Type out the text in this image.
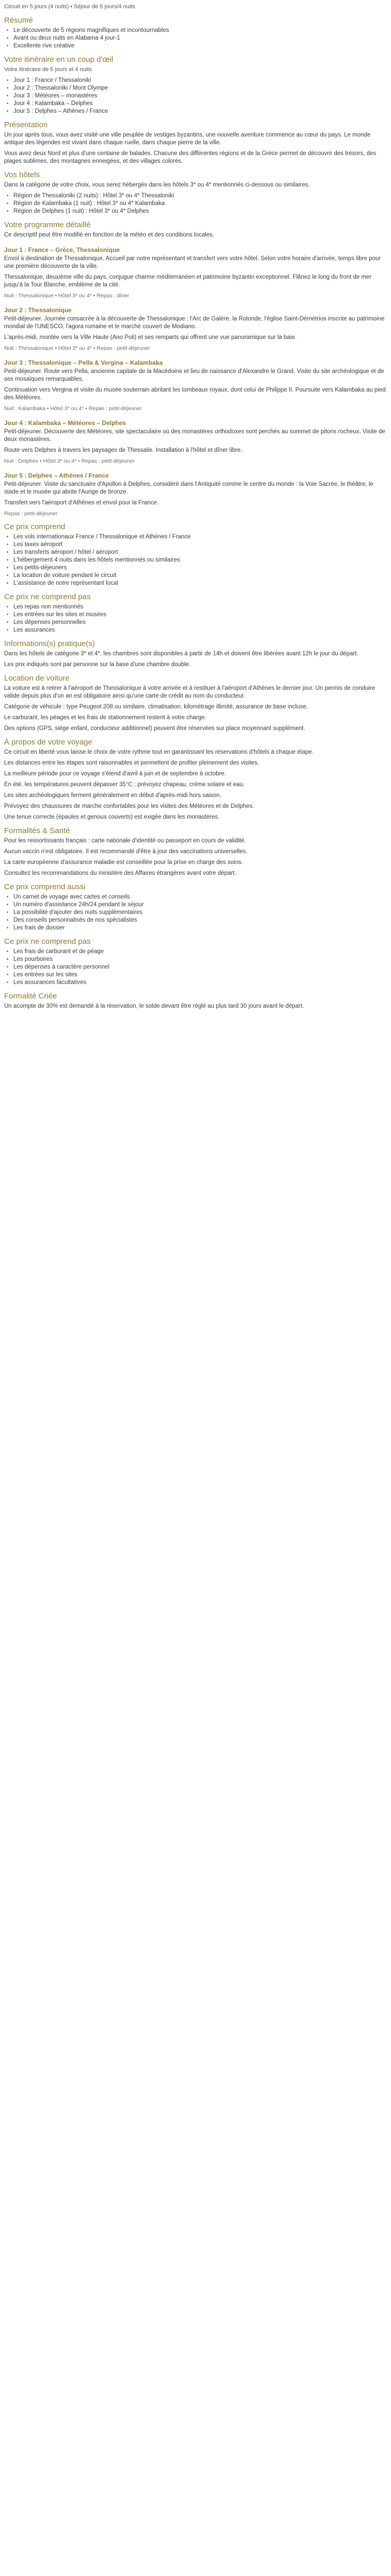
Circuit en 5 jours (4 nuits) • Séjour de 5 jours/4 nuits

Résumé
• Le découverte de 5 régions magnifiques et incontournables
• Avant ou deux nuits en Alabama 4 jour-1
• Excellente rive créative
Votre itinéraire en un coup d'œil

Votre itinéraire de 5 jours et 4 nuits

• Jour 1 : France / Thessaloniki
• Jour 2 : Thessaloniki / Mont Olympe
• Jour 3 : Météores – monastères
• Jour 4 : Kalambaka – Delphes
• Jour 5 : Delphes – Athènes / France
Présentation

Un jour après tous, vous avez visité une ville peuplée de vestiges byzantins, une nouvelle aventure commence au cœur du pays. Le monde antique des légendes est vivant dans chaque ruelle, dans chaque pierre de la ville.

Vous avez deux Nord et plus d'une centaine de balades. Chacune des différentes régions et de la Grèce permet de découvrir des trésors, des plages sublimes, des montagnes enneigées, et des villages colorés.

Vos hôtels

Dans la catégorie de votre choix, vous serez hébergés dans les hôtels 3* ou 4* mentionnés ci-dessous ou similaires.

• Région de Thessaloniki (2 nuits) : Hôtel 3* ou 4* Thessaloniki
• Région de Kalambaka (1 nuit) : Hôtel 3* ou 4* Kalambaka
• Région de Delphes (1 nuit) : Hôtel 3* ou 4* Delphes
Votre programme détaillé

Ce descriptif peut être modifié en fonction de la météo et des conditions locales.

Jour 1 : France – Grèce, Thessalonique

Envol à destination de Thessalonique. Accueil par notre représentant et transfert vers votre hôtel. Selon votre horaire d'arrivée, temps libre pour une première découverte de la ville.

Thessalonique, deuxième ville du pays, conjugue charme méditerranéen et patrimoine byzantin exceptionnel. Flânez le long du front de mer jusqu'à la Tour Blanche, emblème de la cité.

Nuit : Thessalonique • Hôtel 3* ou 4* • Repas : dîner
Jour 2 : Thessalonique

Petit-déjeuner. Journée consacrée à la découverte de Thessalonique : l'Arc de Galère, la Rotonde, l'église Saint-Démétrios inscrite au patrimoine mondial de l'UNESCO, l'agora romaine et le marché couvert de Modiano.

L'après-midi, montée vers la Ville Haute (Ano Poli) et ses remparts qui offrent une vue panoramique sur la baie.

Nuit : Thessalonique • Hôtel 3* ou 4* • Repas : petit-déjeuner
Jour 3 : Thessalonique – Pella & Vergina – Kalambaka

Petit-déjeuner. Route vers Pella, ancienne capitale de la Macédoine et lieu de naissance d'Alexandre le Grand. Visite du site archéologique et de ses mosaïques remarquables.

Continuation vers Vergina et visite du musée souterrain abritant les tombeaux royaux, dont celui de Philippe II. Poursuite vers Kalambaka au pied des Météores.

Nuit : Kalambaka • Hôtel 3* ou 4* • Repas : petit-déjeuner
Jour 4 : Kalambaka – Météores – Delphes

Petit-déjeuner. Découverte des Météores, site spectaculaire où des monastères orthodoxes sont perchés au sommet de pitons rocheux. Visite de deux monastères.

Route vers Delphes à travers les paysages de Thessalie. Installation à l'hôtel et dîner libre.

Nuit : Delphes • Hôtel 3* ou 4* • Repas : petit-déjeuner
Jour 5 : Delphes – Athènes / France

Petit-déjeuner. Visite du sanctuaire d'Apollon à Delphes, considéré dans l'Antiquité comme le centre du monde : la Voie Sacrée, le théâtre, le stade et le musée qui abrite l'Aurige de bronze.

Transfert vers l'aéroport d'Athènes et envol pour la France.

Repas : petit-déjeuner
Ce prix comprend
• Les vols internationaux France / Thessalonique et Athènes / France
• Les taxes aéroport
• Les transferts aéroport / hôtel / aéroport
• L'hébergement 4 nuits dans les hôtels mentionnés ou similaires
• Les petits-déjeuners
• La location de voiture pendant le circuit
• L'assistance de notre représentant local
Ce prix ne comprend pas
• Les repas non mentionnés
• Les entrées sur les sites et musées
• Les dépenses personnelles
• Les assurances
Informations(s) pratique(s)

Dans les hôtels de catégorie 3* et 4*, les chambres sont disponibles à partir de 14h et doivent être libérées avant 12h le jour du départ.

Les prix indiqués sont par personne sur la base d'une chambre double.

Location de voiture

La voiture est à retirer à l'aéroport de Thessalonique à votre arrivée et à restituer à l'aéroport d'Athènes le dernier jour. Un permis de conduire valide depuis plus d'un an est obligatoire ainsi qu'une carte de crédit au nom du conducteur.

Catégorie de véhicule : type Peugeot 208 ou similaire, climatisation, kilométrage illimité, assurance de base incluse.

Le carburant, les péages et les frais de stationnement restent à votre charge.

Des options (GPS, siège enfant, conducteur additionnel) peuvent être réservées sur place moyennant supplément.

À propos de votre voyage

Ce circuit en liberté vous laisse le choix de votre rythme tout en garantissant les réservations d'hôtels à chaque étape.

Les distances entre les étapes sont raisonnables et permettent de profiter pleinement des visites.

La meilleure période pour ce voyage s'étend d'avril à juin et de septembre à octobre.

En été, les températures peuvent dépasser 35°C ; prévoyez chapeau, crème solaire et eau.

Les sites archéologiques ferment généralement en début d'après-midi hors saison.

Prévoyez des chaussures de marche confortables pour les visites des Météores et de Delphes.

Une tenue correcte (épaules et genoux couverts) est exigée dans les monastères.

Formalités & Santé

Pour les ressortissants français : carte nationale d'identité ou passeport en cours de validité.

Aucun vaccin n'est obligatoire. Il est recommandé d'être à jour des vaccinations universelles.

La carte européenne d'assurance maladie est conseillée pour la prise en charge des soins.

Consultez les recommandations du ministère des Affaires étrangères avant votre départ.

Ce prix comprend aussi
• Un carnet de voyage avec cartes et conseils
• Un numéro d'assistance 24h/24 pendant le séjour
• La possibilité d'ajouter des nuits supplémentaires
• Des conseils personnalisés de nos spécialistes
• Les frais de dossier
Ce prix ne comprend pas
• Les frais de carburant et de péage
• Les pourboires
• Les dépenses à caractère personnel
• Les entrées sur les sites
• Les assurances facultatives
Formalité Criée

Un acompte de 30% est demandé à la réservation, le solde devant être réglé au plus tard 30 jours avant le départ.
